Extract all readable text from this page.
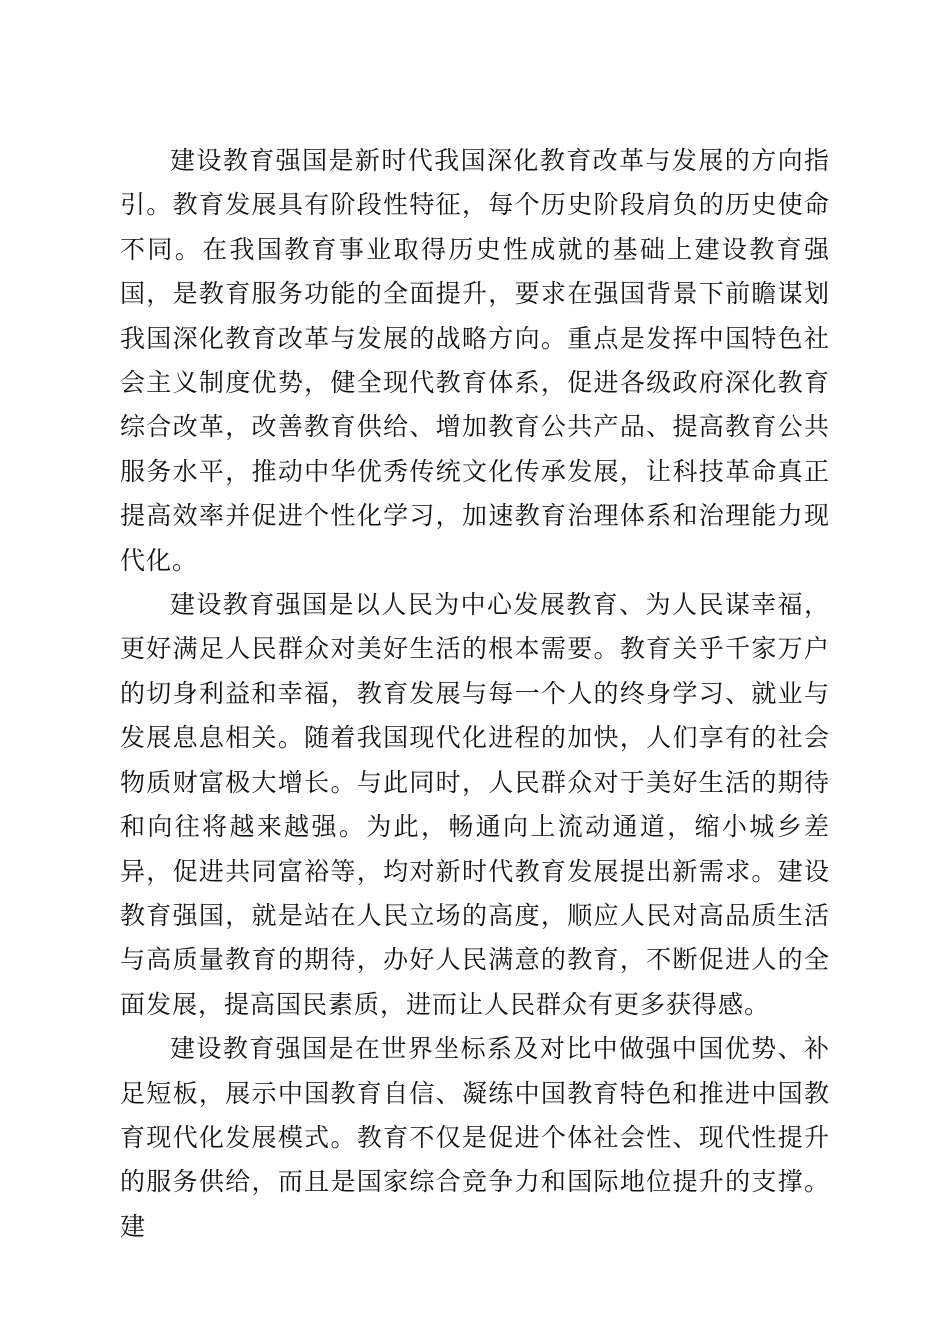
建设教育强国是新时代我国深化教育改革与发展的方向指引。教育发展具有阶段性特征，每个历史阶段肩负的历史使命不同。在我国教育事业取得历史性成就的基础上建设教育强国，是教育服务功能的全面提升，要求在强国背景下前瞻谋划我国深化教育改革与发展的战略方向。重点是发挥中国特色社会主义制度优势，健全现代教育体系，促进各级政府深化教育综合改革，改善教育供给、增加教育公共产品、提高教育公共服务水平，推动中华优秀传统文化传承发展，让科技革命真正提高效率并促进个性化学习，加速教育治理体系和治理能力现代化。

建设教育强国是以人民为中心发展教育、为人民谋幸福，更好满足人民群众对美好生活的根本需要。教育关乎千家万户的切身利益和幸福，教育发展与每一个人的终身学习、就业与发展息息相关。随着我国现代化进程的加快，人们享有的社会物质财富极大增长。与此同时，人民群众对于美好生活的期待和向往将越来越强。为此，畅通向上流动通道，缩小城乡差异，促进共同富裕等，均对新时代教育发展提出新需求。建设教育强国，就是站在人民立场的高度，顺应人民对高品质生活与高质量教育的期待，办好人民满意的教育，不断促进人的全面发展，提高国民素质，进而让人民群众有更多获得感。

建设教育强国是在世界坐标系及对比中做强中国优势、补足短板，展示中国教育自信、凝练中国教育特色和推进中国教育现代化发展模式。教育不仅是促进个体社会性、现代性提升的服务供给，而且是国家综合竞争力和国际地位提升的支撑。建
